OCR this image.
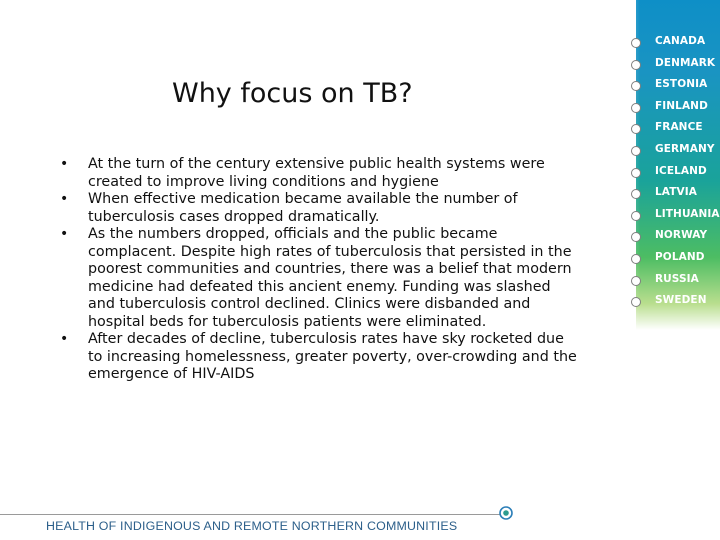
CANADA
DENMARK
ESTONIA
FINLAND
FRANCE
GERMANY
ICELAND
LATVIA
LITHUANIA
NORWAY
POLAND
RUSSIA
SWEDEN
Why focus on TB?
• At the turn of the century extensive public health systems were created to improve living conditions and hygiene
• When effective medication became available the number of tuberculosis cases dropped dramatically.
• As the numbers dropped, officials and the public became complacent. Despite high rates of tuberculosis that persisted in the poorest communities and countries, there was a belief that modern medicine had defeated this ancient enemy. Funding was slashed and tuberculosis control declined. Clinics were disbanded and hospital beds for tuberculosis patients were eliminated.
• After decades of decline, tuberculosis rates have sky rocketed due to increasing homelessness, greater poverty, over-crowding and the emergence of HIV-AIDS
HEALTH OF INDIGENOUS AND REMOTE NORTHERN COMMUNITIES
